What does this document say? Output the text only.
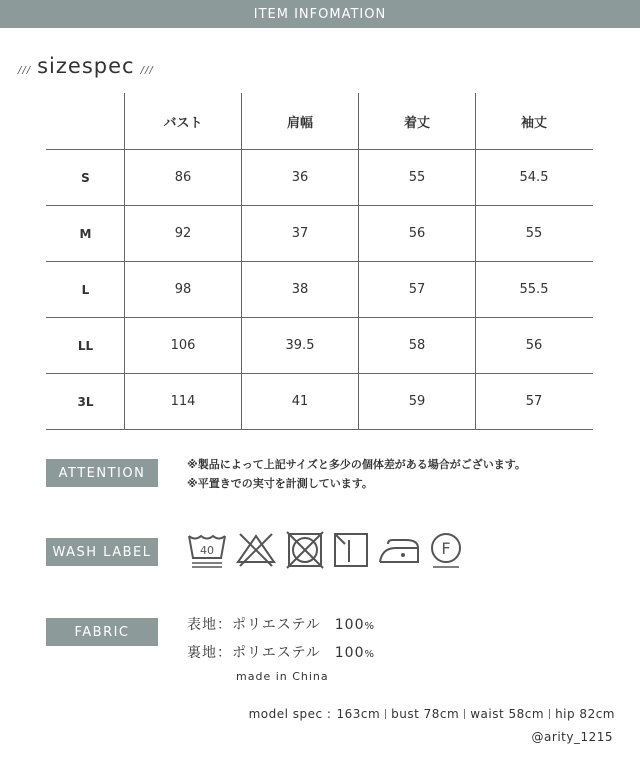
ITEM INFOMATION
/// sizespec ///
	バスト	肩幅	着丈	袖丈
S	86	36	55	54.5
M	92	37	56	55
L	98	38	57	55.5
LL	106	39.5	58	56
3L	114	41	59	57
ATTENTION
※製品によって上記サイズと多少の個体差がある場合がございます。
※平置きでの実寸を計測しています。
WASH LABEL	40	F
FABRIC	表地：ポリエステル 100%
裏地：ポリエステル 100%
made in China
model spec : 163cm bust 78cm waist 58cm hip 82cm
@arity_1215
